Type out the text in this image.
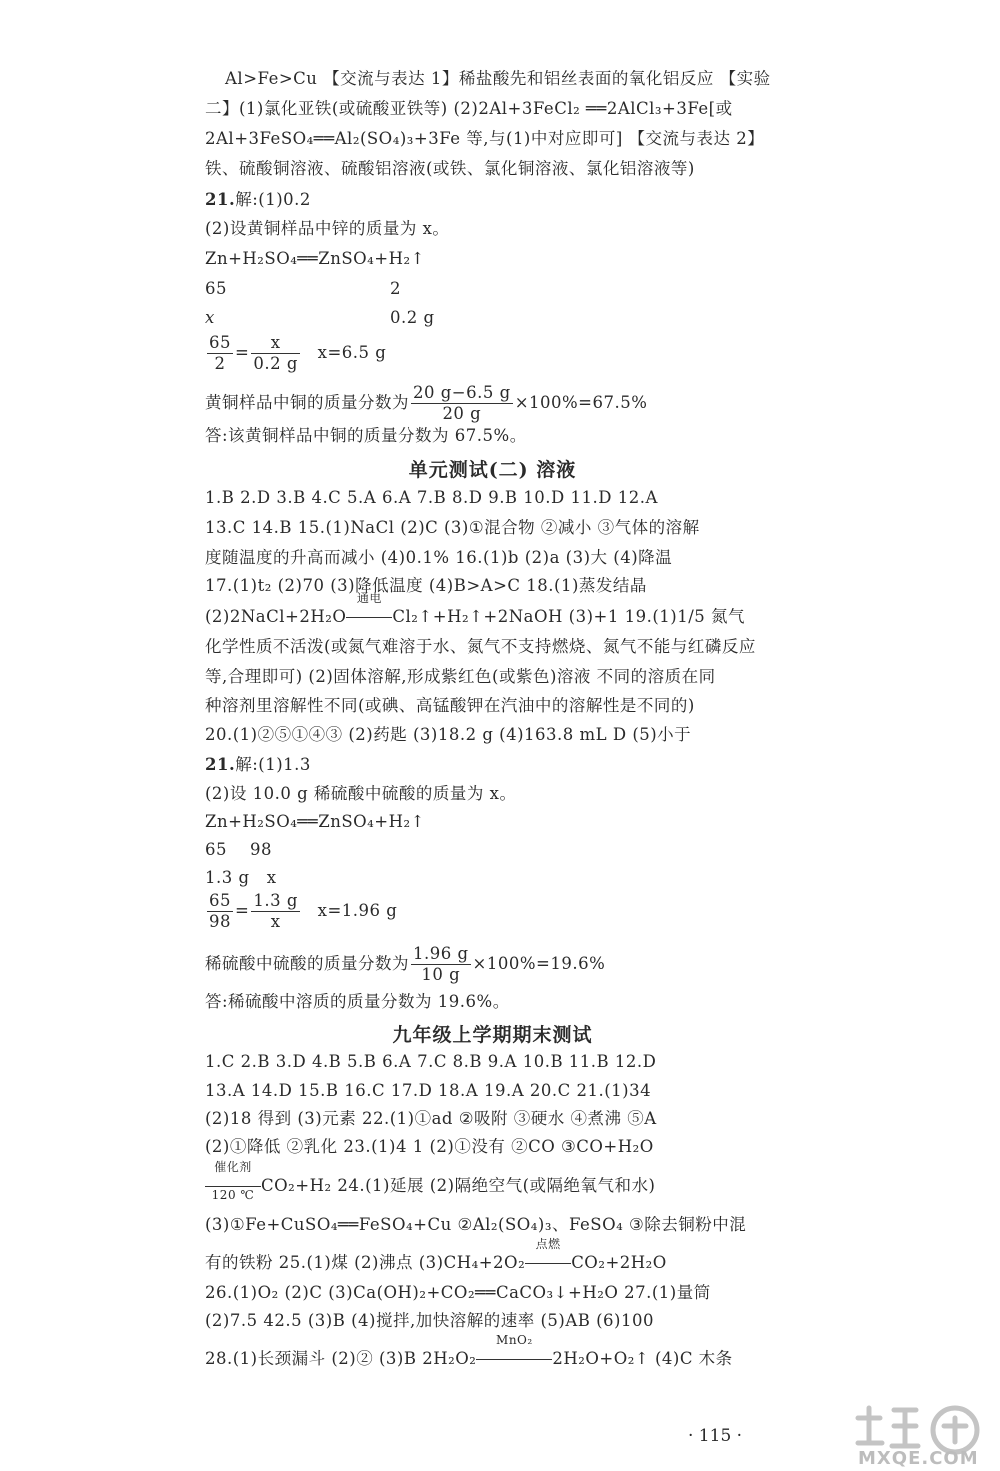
Al>Fe>Cu 【交流与表达 1】稀盐酸先和铝丝表面的氧化铝反应 【实验
二】(1)氯化亚铁(或硫酸亚铁等) (2)2Al+3FeCl₂ ══2AlCl₃+3Fe[或
2Al+3FeSO₄══Al₂(SO₄)₃+3Fe 等,与(1)中对应即可] 【交流与表达 2】
铁、硫酸铜溶液、硫酸铝溶液(或铁、氯化铜溶液、氯化铝溶液等)
21.解:(1)0.2
(2)设黄铜样品中锌的质量为 x。
Zn+H₂SO₄══ZnSO₄+H₂↑
65	2
x	0.2 g
$\frac{65}{2} = \frac{x}{0.2 g} x=6.5$ g
黄铜样品中铜的质量分数为 $\frac{20 g-6.5 g}{20 g} \times 100\%=67.5\%$
答:该黄铜样品中铜的质量分数为 67.5%。
单元测试(二) 溶液
1.B 2.D 3.B 4.C 5.A 6.A 7.B 8.D 9.B 10.D 11.D 12.A
13.C 14.B 15.(1)NaCl (2)C (3)①混合物 ②减小 ③气体的溶解
度随温度的升高而减小 (4)0.1% 16.(1)b (2)a (3)大 (4)降温
17.(1)t₂ (2)70 (3)降低温度 (4)B>A>C 18.(1)蒸发结晶
(2)2NaCl+2H₂O
通电
Cl₂↑+H₂↑+2NaOH (3)+1 19.(1)1/5 氮气
化学性质不活泼(或氮气难溶于水、氮气不支持燃烧、氮气不能与红磷反应
等,合理即可) (2)固体溶解,形成紫红色(或紫色)溶液 不同的溶质在同
种溶剂里溶解性不同(或碘、高锰酸钾在汽油中的溶解性是不同的)
20.(1)②⑤①④③ (2)药匙 (3)18.2 g (4)163.8 mL D (5)小于
21.解:(1)1.3
(2)设 10.0 g 稀硫酸中硫酸的质量为 x。
Zn+H₂SO₄══ZnSO₄+H₂↑
65    98
1.3 g   x
$\frac{65}{98} = \frac{1.3 g}{x} x=1.96$ g
稀硫酸中硫酸的质量分数为 $\frac{1.96 g}{10 g} \times 100\%=19.6\%$
答:稀硫酸中溶质的质量分数为 19.6%。
九年级上学期期末测试
1.C 2.B 3.D 4.B 5.B 6.A 7.C 8.B 9.A 10.B 11.B 12.D
13.A 14.D 15.B 16.C 17.D 18.A 19.A 20.C 21.(1)34
(2)18 得到 (3)元素 22.(1)①ad ②吸附 ③硬水 ④煮沸 ⑤A
(2)①降低 ②乳化 23.(1)4 1 (2)①没有 ②CO ③CO+H₂O
催化剂
120 ℃ CO₂+H₂ 24.(1)延展 (2)隔绝空气(或隔绝氧气和水)
(3)①Fe+CuSO₄══FeSO₄+Cu ②Al₂(SO₄)₃、FeSO₄ ③除去铜粉中混
有的铁粉 25.(1)煤 (2)沸点 (3)CH₄+2O₂
点燃
CO₂+2H₂O
26.(1)O₂ (2)C (3)Ca(OH)₂+CO₂══CaCO₃↓+H₂O 27.(1)量筒
(2)7.5 42.5 (3)B (4)搅拌,加快溶解的速率 (5)AB (6)100
28.(1)长颈漏斗 (2)② (3)B 2H₂O₂
MnO₂
2H₂O+O₂↑ (4)C 木条
· 115 ·
MXQE.COM
